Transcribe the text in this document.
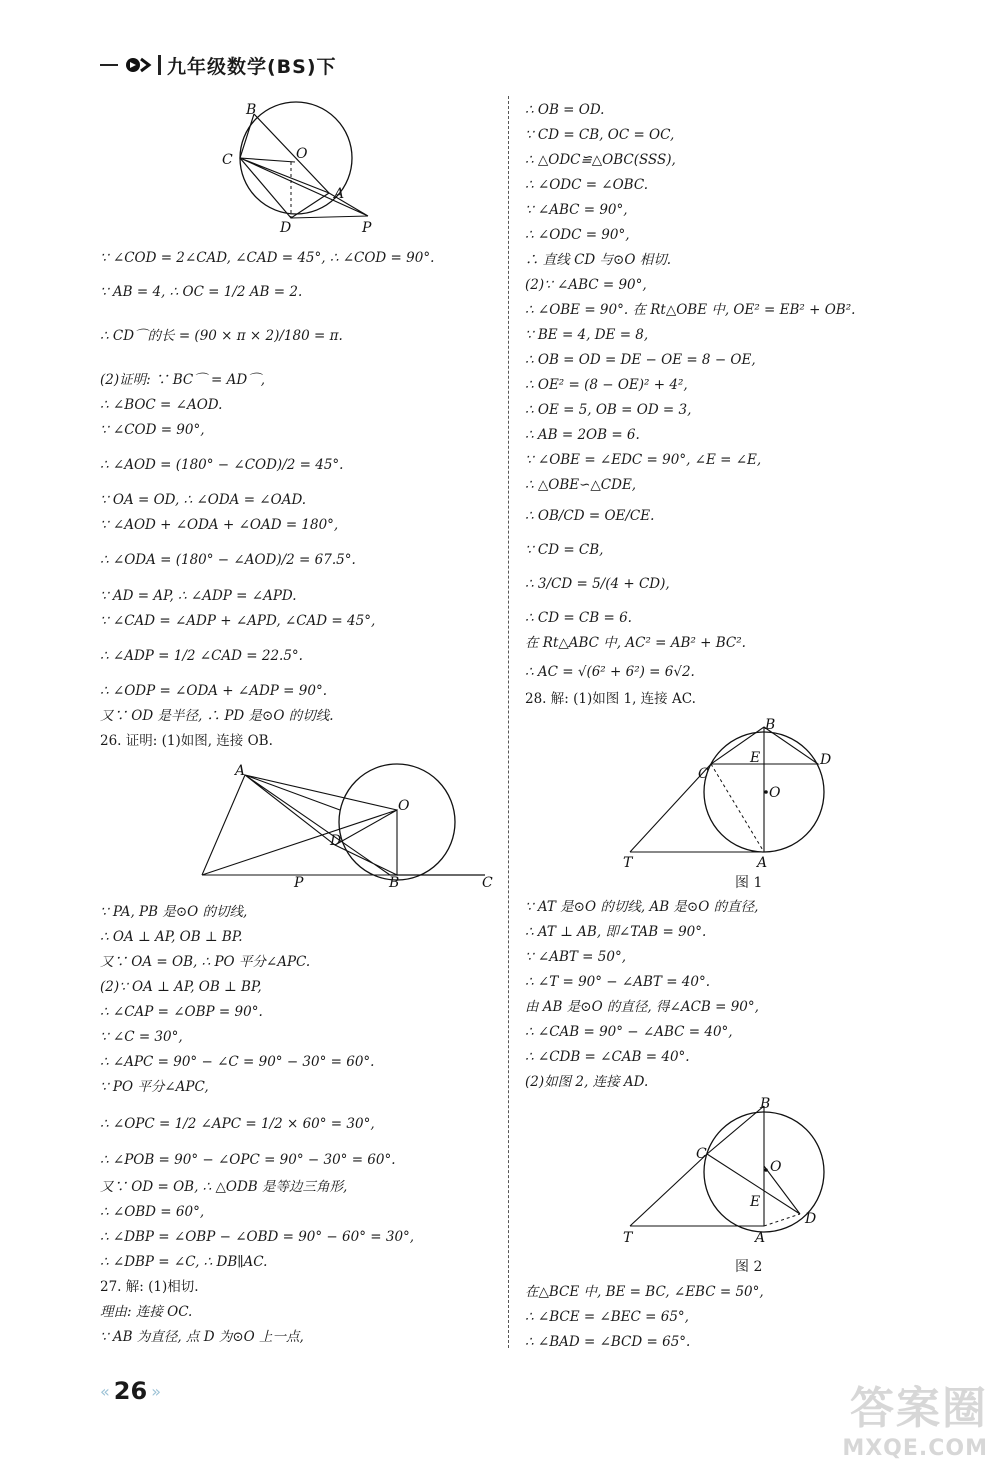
九年级数学(BS)下
B
C	O
A
D	P
∵ ∠COD = 2∠CAD, ∠CAD = 45°, ∴ ∠COD = 90°.
∵ AB = 4, ∴ OC = 1/2 AB = 2.
∴ CD⌒的长 = (90 × π × 2)/180 = π.
(2)证明: ∵ BC⌒ = AD⌒,
∴ ∠BOC = ∠AOD.
∵ ∠COD = 90°,
∴ ∠AOD = (180° − ∠COD)/2 = 45°.
∵ OA = OD, ∴ ∠ODA = ∠OAD.
∵ ∠AOD + ∠ODA + ∠OAD = 180°,
∴ ∠ODA = (180° − ∠AOD)/2 = 67.5°.
∵ AD = AP, ∴ ∠ADP = ∠APD.
∵ ∠CAD = ∠ADP + ∠APD, ∠CAD = 45°,
∴ ∠ADP = 1/2 ∠CAD = 22.5°.
∴ ∠ODP = ∠ODA + ∠ADP = 90°.
又∵ OD 是半径, ∴ PD 是⊙O 的切线.
26. 证明: (1)如图, 连接 OB.
A
O
D
P	B	C
∵ PA, PB 是⊙O 的切线,
∴ OA ⊥ AP, OB ⊥ BP.
又∵ OA = OB, ∴ PO 平分∠APC.
(2)∵ OA ⊥ AP, OB ⊥ BP,
∴ ∠CAP = ∠OBP = 90°.
∵ ∠C = 30°,
∴ ∠APC = 90° − ∠C = 90° − 30° = 60°.
∵ PO 平分∠APC,
∴ ∠OPC = 1/2 ∠APC = 1/2 × 60° = 30°,
∴ ∠POB = 90° − ∠OPC = 90° − 30° = 60°.
又∵ OD = OB, ∴ △ODB 是等边三角形,
∴ ∠OBD = 60°,
∴ ∠DBP = ∠OBP − ∠OBD = 90° − 60° = 30°,
∴ ∠DBP = ∠C, ∴ DB∥AC.
27. 解: (1)相切.
理由: 连接 OC.
∵ AB 为直径, 点 D 为⊙O 上一点,
∴ OB = OD.
∵ CD = CB, OC = OC,
∴ △ODC≌△OBC(SSS),
∴ ∠ODC = ∠OBC.
∵ ∠ABC = 90°,
∴ ∠ODC = 90°,
∴ 直线 CD 与⊙O 相切.
(2)∵ ∠ABC = 90°,
∴ ∠OBE = 90°. 在 Rt△OBE 中, OE² = EB² + OB².
∵ BE = 4, DE = 8,
∴ OB = OD = DE − OE = 8 − OE,
∴ OE² = (8 − OE)² + 4²,
∴ OE = 5, OB = OD = 3,
∴ AB = 2OB = 6.
∵ ∠OBE = ∠EDC = 90°, ∠E = ∠E,
∴ △OBE∽△CDE,
∴ OB/CD = OE/CE.
∵ CD = CB,
∴ 3/CD = 5/(4 + CD),
∴ CD = CB = 6.
在 Rt△ABC 中, AC² = AB² + BC².
∴ AC = √(6² + 6²) = 6√2.
28. 解: (1)如图 1, 连接 AC.
B
C
E	D
O
T	A
图 1
∵ AT 是⊙O 的切线, AB 是⊙O 的直径,
∴ AT ⊥ AB, 即∠TAB = 90°.
∵ ∠ABT = 50°,
∴ ∠T = 90° − ∠ABT = 40°.
由 AB 是⊙O 的直径, 得∠ACB = 90°,
∴ ∠CAB = 90° − ∠ABC = 40°,
∴ ∠CDB = ∠CAB = 40°.
(2)如图 2, 连接 AD.
B
C
O
E
D
T	A
图 2
在△BCE 中, BE = BC, ∠EBC = 50°,
∴ ∠BCE = ∠BEC = 65°,
∴ ∠BAD = ∠BCD = 65°.
« 26 »	答案圈
MXQE.COM
